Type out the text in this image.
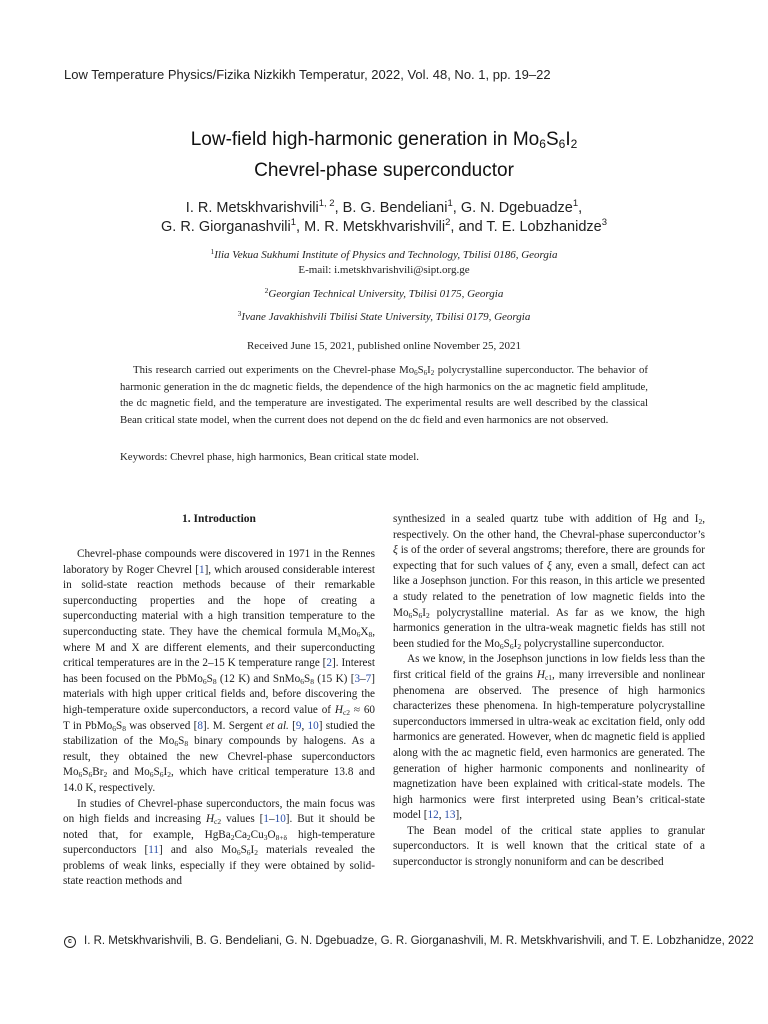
Low Temperature Physics/Fizika Nizkikh Temperatur, 2022, Vol. 48, No. 1, pp. 19–22
Low-field high-harmonic generation in $Mo_6S_6I_2$
Chevrel-phase superconductor
I. R. Metskhvarishvili$^{1, 2}$, B. G. Bendeliani$^1$, G. N. Dgebuadze$^1$,
G. R. Giorganashvili$^1$, M. R. Metskhvarishvili$^2$, and T. E. Lobzhanidze$^3$
$^1$Ilia Vekua Sukhumi Institute of Physics and Technology, Tbilisi 0186, Georgia
E-mail: i.metskhvarishvili@sipt.org.ge
$^2$Georgian Technical University, Tbilisi 0175, Georgia
$^3$Ivane Javakhishvili Tbilisi State University, Tbilisi 0179, Georgia
Received June 15, 2021, published online November 25, 2021

This research carried out experiments on the Chevrel-phase $Mo_6S_6I_2$ polycrystalline superconductor. The behavior of harmonic generation in the dc magnetic fields, the dependence of the high harmonics on the ac magnetic field amplitude, the dc magnetic field, and the temperature are investigated. The experimental results are well described by the classical Bean critical state model, when the current does not depend on the dc field and even harmonics are not observed.

Keywords: Chevrel phase, high harmonics, Bean critical state model.
1. Introduction

Chevrel-phase compounds were discovered in 1971 in the Rennes laboratory by Roger Chevrel [1], which aroused considerable interest in solid-state reaction methods because of their remarkable superconducting properties and the hope of creating a superconducting material with a high transition temperature to the superconducting state. They have the chemical formula $M_xMo_6X_8$, where M and X are different elements, and their superconducting critical temperatures are in the 2–15 K temperature range [2]. Interest has been focused on the $PbMo_6S_8$ (12 K) and $SnMo_6S_8$ (15 K) [3–7] materials with high upper critical fields and, before discovering the high-temperature oxide superconductors, a record value of $H_{c2} \approx 60$ T in $PbMo_6S_8$ was observed [8]. M. Sergent et al. [9, 10] studied the stabilization of the $Mo_6S_8$ binary compounds by halogens. As a result, they obtained the new Chevrel-phase superconductors $Mo_6S_6Br_2$ and $Mo_6S_6I_2$, which have critical temperature 13.8 and 14.0 K, respectively.

In studies of Chevrel-phase superconductors, the main focus was on high fields and increasing $H_{c2}$ values [1–10]. But it should be noted that, for example, $HgBa_2Ca_2Cu_3O_{8+\delta}$ high-temperature superconductors [11] and also $Mo_6S_6I_2$ materials revealed the problems of weak links, especially if they were obtained by solid-state reaction methods and

synthesized in a sealed quartz tube with addition of Hg and $I_2$, respectively. On the other hand, the Chevral-phase superconductor’s ξ is of the order of several angstroms; therefore, there are grounds for expecting that for such values of ξ any, even a small, defect can act like a Josephson junction. For this reason, in this article we presented a study related to the penetration of low magnetic fields into the $Mo_6S_6I_2$ polycrystalline material. As far as we know, the high harmonics generation in the ultra-weak magnetic fields has still not been studied for the $Mo_6S_6I_2$ polycrystalline superconductor.

As we know, in the Josephson junctions in low fields less than the first critical field of the grains $H_{c1}$, many irreversible and nonlinear phenomena are observed. The presence of high harmonics characterizes these phenomena. In high-temperature polycrystalline superconductors immersed in ultra-weak ac excitation field, only odd harmonics are generated. However, when dc magnetic field is applied along with the ac magnetic field, even harmonics are generated. The generation of higher harmonic components and nonlinearity of magnetization have been explained with critical-state models. The high harmonics were first interpreted using Bean’s critical-state model [12, 13],

The Bean model of the critical state applies to granular superconductors. It is well known that the critical state of a superconductor is strongly nonuniform and can be described

c I. R. Metskhvarishvili, B. G. Bendeliani, G. N. Dgebuadze, G. R. Giorganashvili, M. R. Metskhvarishvili, and T. E. Lobzhanidze, 2022
